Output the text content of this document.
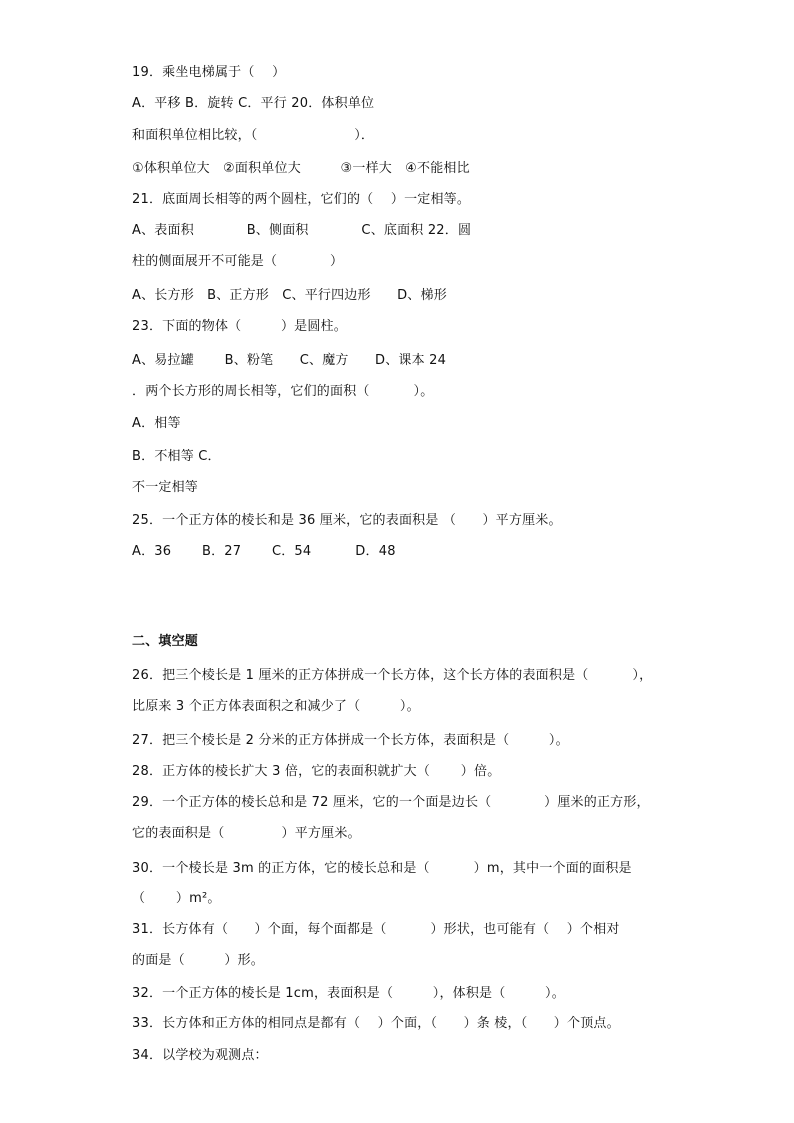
19．乘坐电梯属于（　 ）
A．平移 B．旋转 C．平行 20．体积单位
和面积单位相比较，（　　　　　　　 ）．
①体积单位大　②面积单位大　　　③一样大　④不能相比
21．底面周长相等的两个圆柱，它们的（　 ）一定相等。
A、表面积　　　　B、侧面积　　　　C、底面积 22．圆
柱的侧面展开不可能是（　　　　）
A、长方形　B、正方形　C、平行四边形　　D、梯形
23．下面的物体（　　　）是圆柱。
A、易拉罐　　 B、粉笔　　C、魔方　　D、课本 24
．两个长方形的周长相等，它们的面积（　　　 ）。
A．相等
B．不相等 C．
不一定相等
25．一个正方体的棱长和是 36 厘米，它的表面积是 （　　）平方厘米。
A．36　　 B．27　　 C．54　　　 D．48
二、填空题
26．把三个棱长是 1 厘米的正方体拼成一个长方体，这个长方体的表面积是（　　　 ），
比原来 3 个正方体表面积之和减少了（　　　）。
27．把三个棱长是 2 分米的正方体拼成一个长方体，表面积是（　　　）。
28．正方体的棱长扩大 3 倍，它的表面积就扩大（　　 ）倍。
29．一个正方体的棱长总和是 72 厘米，它的一个面是边长（　　　　）厘米的正方形，
它的表面积是（　　　　 ）平方厘米。
30．一个棱长是 3m 的正方体，它的棱长总和是（　　　 ）m，其中一个面的面积是
（　　 ）m²。
31．长方体有（　　）个面，每个面都是（　　　 ）形状，也可能有（　 ）个相对
的面是（　　　）形。
32．一个正方体的棱长是 1cm，表面积是（　　　），体积是（　　　）。
33．长方体和正方体的相同点是都有（　 ）个面，（　　）条 棱，（　　）个顶点。
34．以学校为观测点：
